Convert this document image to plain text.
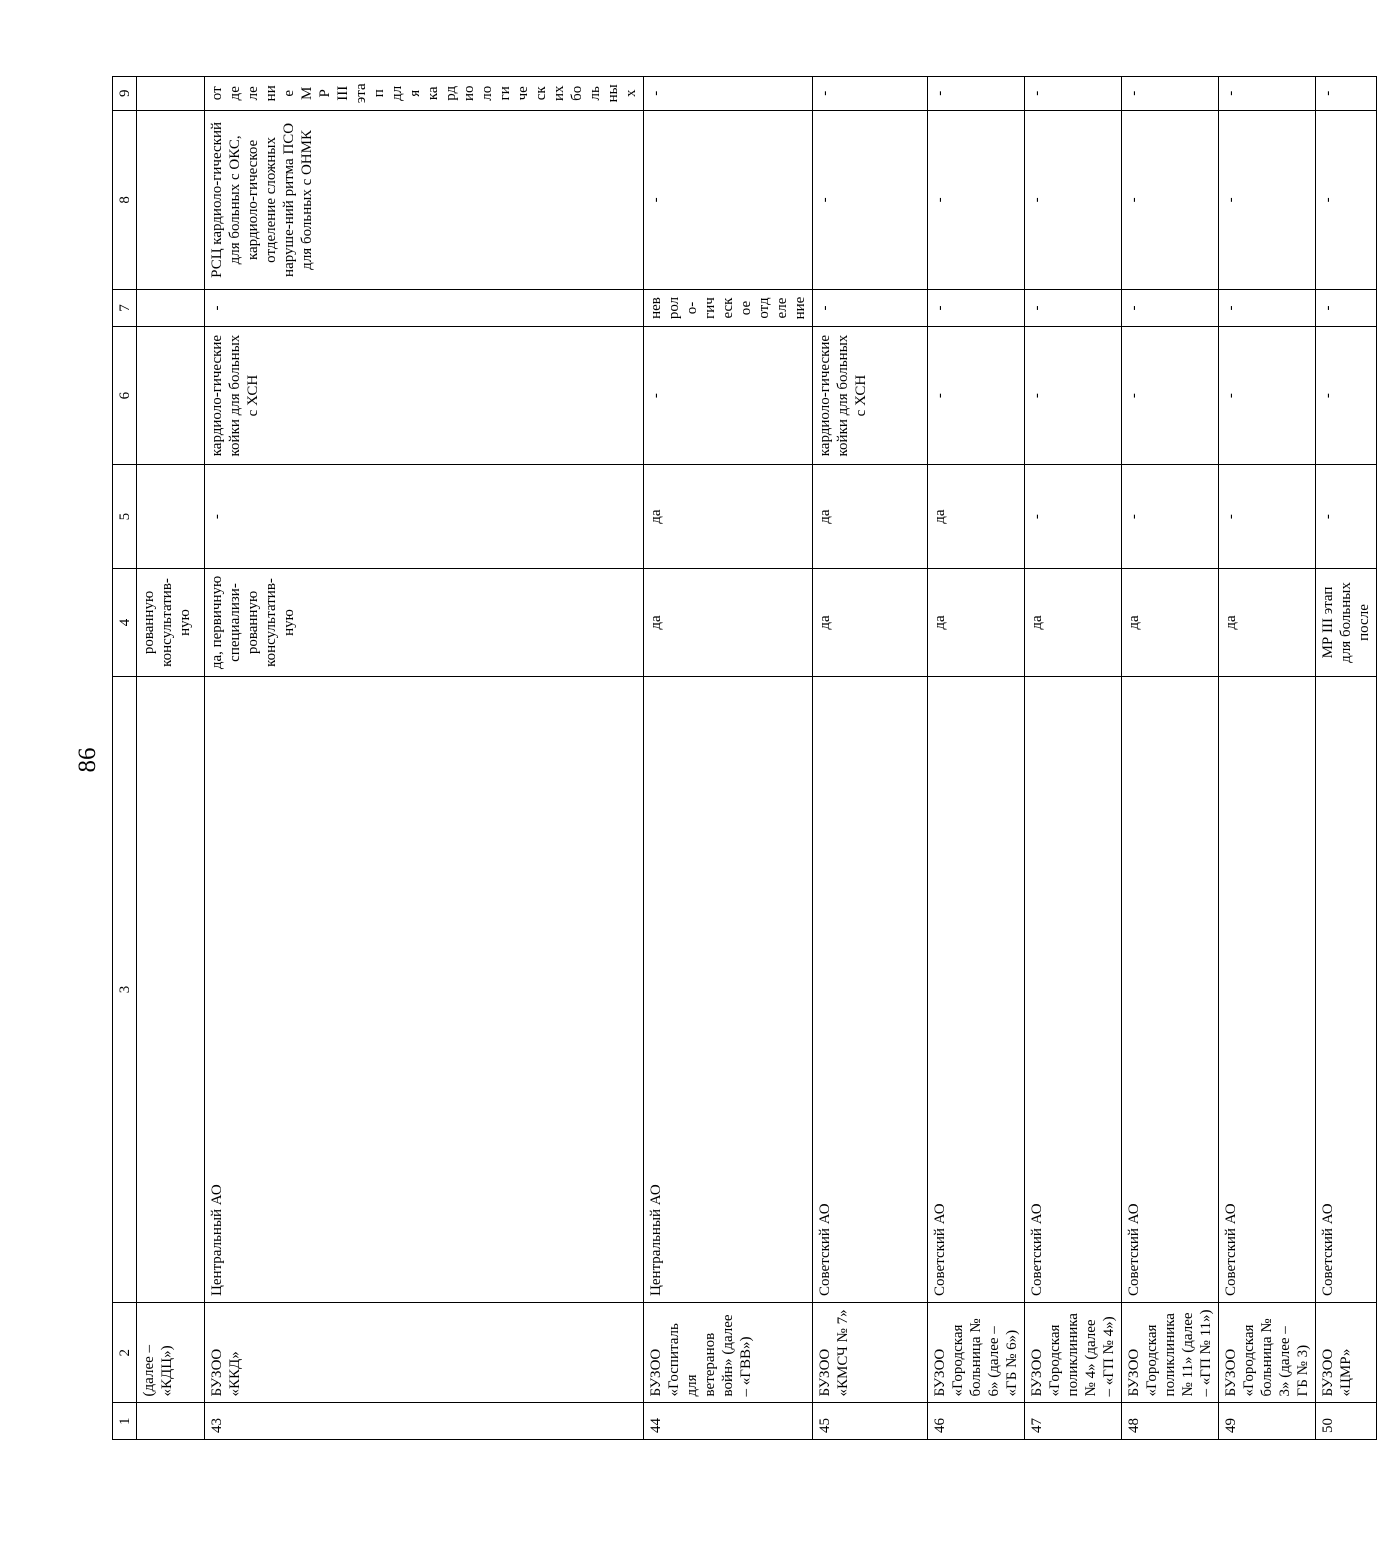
86
1	2	3	4	5	6	7	8	9
	(далее – «КДЦ»)		рованную консультатив-ную					
43	БУЗОО «ККД»	Центральный АО	да, первичную специализи-рованную консультатив-ную	-	кардиоло-гические койки для больных с ХСН	-	РСЦ кардиоло-гический для больных с ОКС, кардиоло-гическое отделение сложных наруше-ний ритма ПСО для больных с ОНМК	отделение МР III этап для кардиологических больных
44	БУЗОО «Госпиталь для ветеранов войн» (далее – «ГВВ»)	Центральный АО	да	да	-	невроло-гическое отделение	-	-
45	БУЗОО «КМСЧ № 7»	Советский АО	да	да	кардиоло-гические койки для больных с ХСН	-	-	-
46	БУЗОО «Городская больница № 6» (далее – «ГБ № 6»)	Советский АО	да	да	-	-	-	-
47	БУЗОО «Городская поликлиника № 4» (далее – «ГП № 4»)	Советский АО	да	-	-	-	-	-
48	БУЗОО «Городская поликлиника № 11» (далее – «ГП № 11»)	Советский АО	да	-	-	-	-	-
49	БУЗОО «Городская больница № 3» (далее – ГБ № 3)	Советский АО	да	-	-	-	-	-
50	БУЗОО «ЦМР»	Советский АО	МР III этап для больных после	-	-	-	-	-
